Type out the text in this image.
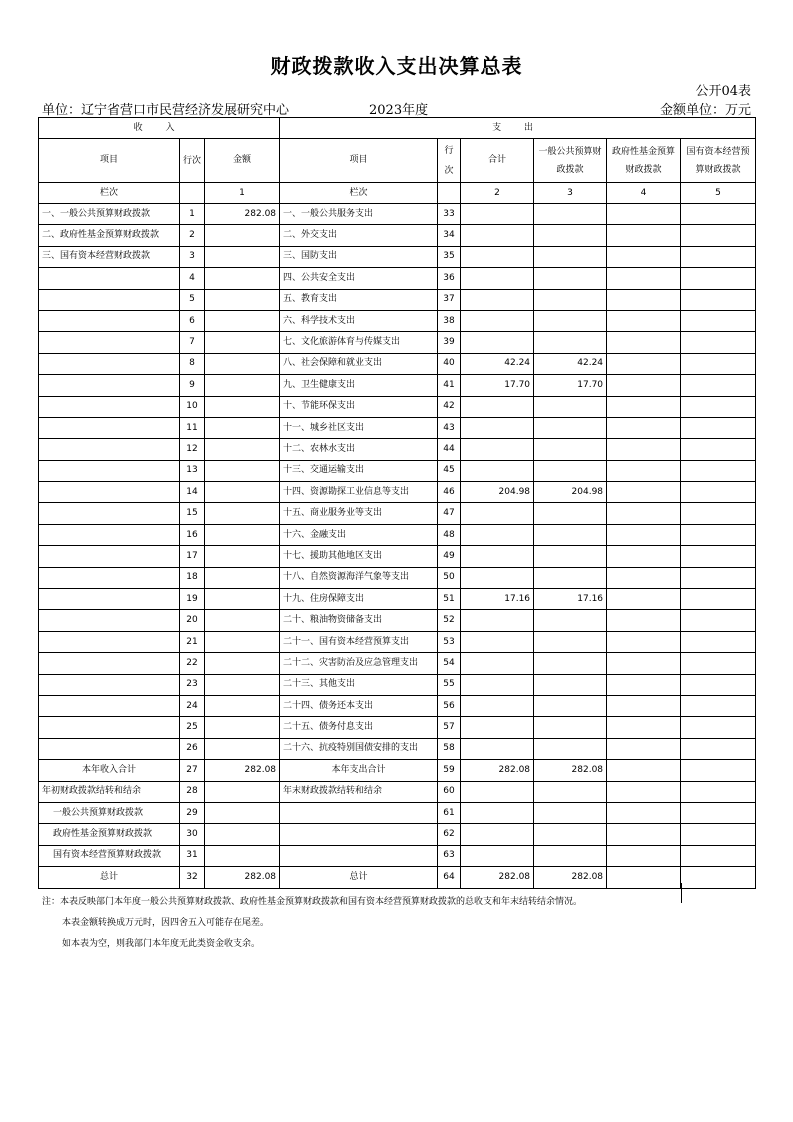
财政拨款收入支出决算总表
公开04表
单位：辽宁省营口市民营经济发展研究中心	2023年度	金额单位：万元
收 入			支 出					
项目	行次	金额	项目	行次	合计	一般公共预算财政拨款	政府性基金预算财政拨款	国有资本经营预算财政拨款
栏次		1	栏次		2	3	4	5
一、一般公共预算财政拨款	1	282.08	一、一般公共服务支出	33				
二、政府性基金预算财政拨款	2		二、外交支出	34				
三、国有资本经营财政拨款	3		三、国防支出	35				
	4		四、公共安全支出	36				
	5		五、教育支出	37				
	6		六、科学技术支出	38				
	7		七、文化旅游体育与传媒支出	39				
	8		八、社会保障和就业支出	40	42.24	42.24		
	9		九、卫生健康支出	41	17.70	17.70		
	10		十、节能环保支出	42				
	11		十一、城乡社区支出	43				
	12		十二、农林水支出	44				
	13		十三、交通运输支出	45				
	14		十四、资源勘探工业信息等支出	46	204.98	204.98		
	15		十五、商业服务业等支出	47				
	16		十六、金融支出	48				
	17		十七、援助其他地区支出	49				
	18		十八、自然资源海洋气象等支出	50				
	19		十九、住房保障支出	51	17.16	17.16		
	20		二十、粮油物资储备支出	52				
	21		二十一、国有资本经营预算支出	53				
	22		二十二、灾害防治及应急管理支出	54				
	23		二十三、其他支出	55				
	24		二十四、债务还本支出	56				
	25		二十五、债务付息支出	57				
	26		二十六、抗疫特别国债安排的支出	58				
本年收入合计	27	282.08	本年支出合计	59	282.08	282.08		
年初财政拨款结转和结余	28		年末财政拨款结转和结余	60				
一般公共预算财政拨款	29			61				
政府性基金预算财政拨款	30			62				
国有资本经营预算财政拨款	31			63				
总计	32	282.08	总计	64	282.08	282.08		
注：本表反映部门本年度一般公共预算财政拨款、政府性基金预算财政拨款和国有资本经营预算财政拨款的总收支和年末结转结余情况。
本表金额转换成万元时，因四舍五入可能存在尾差。
如本表为空，则我部门本年度无此类资金收支余。
